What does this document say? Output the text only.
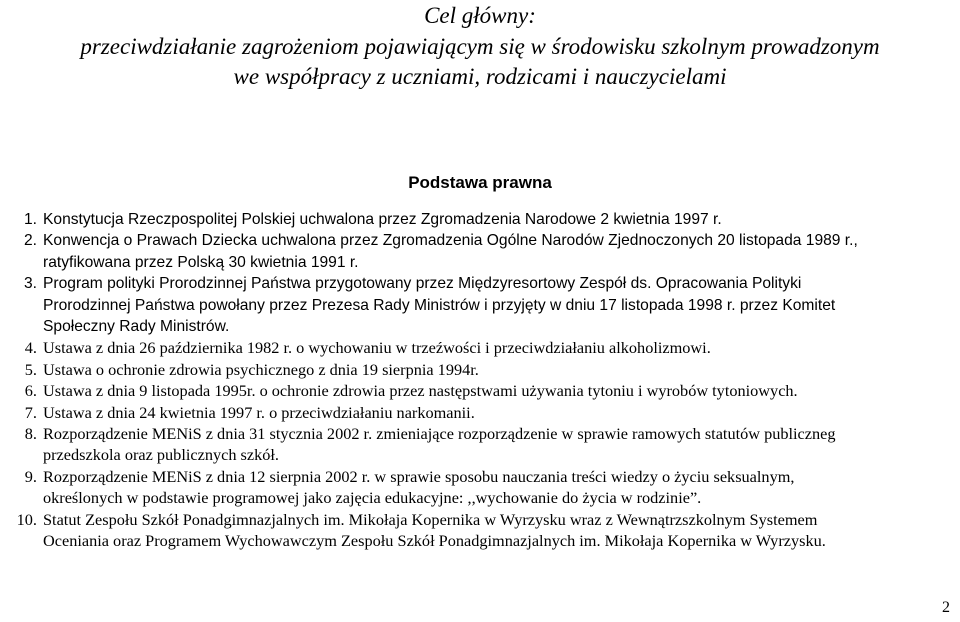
Cel główny:
przeciwdziałanie zagrożeniom pojawiającym się w środowisku szkolnym prowadzonym
we współpracy z uczniami, rodzicami i nauczycielami
Podstawa prawna
1. Konstytucja Rzeczpospolitej Polskiej uchwalona przez Zgromadzenia Narodowe 2 kwietnia 1997 r.
2. Konwencja o Prawach Dziecka uchwalona przez Zgromadzenia Ogólne Narodów Zjednoczonych 20 listopada 1989 r.,
ratyfikowana przez Polską 30 kwietnia 1991 r.
3. Program polityki Prorodzinnej Państwa przygotowany przez Międzyresortowy Zespół ds. Opracowania Polityki
Prorodzinnej Państwa powołany przez Prezesa Rady Ministrów i przyjęty w dniu 17 listopada 1998 r. przez Komitet
Społeczny Rady Ministrów.
4. Ustawa z dnia 26 października 1982 r. o wychowaniu w trzeźwości i przeciwdziałaniu alkoholizmowi.
5. Ustawa o ochronie zdrowia psychicznego z dnia 19 sierpnia 1994r.
6. Ustawa z dnia 9 listopada 1995r. o ochronie zdrowia przez następstwami używania tytoniu i wyrobów tytoniowych.
7. Ustawa z dnia 24 kwietnia 1997 r. o przeciwdziałaniu narkomanii.
8. Rozporządzenie MENiS z dnia 31 stycznia 2002 r. zmieniające rozporządzenie w sprawie ramowych statutów publiczneg
przedszkola oraz publicznych szkół.
9. Rozporządzenie MENiS z dnia 12 sierpnia 2002 r. w sprawie sposobu nauczania treści wiedzy o życiu seksualnym,
określonych w podstawie programowej jako zajęcia edukacyjne: ,,wychowanie do życia w rodzinie”.
10. Statut Zespołu Szkół Ponadgimnazjalnych im. Mikołaja Kopernika w Wyrzysku wraz z Wewnątrzszkolnym Systemem
Oceniania oraz Programem Wychowawczym Zespołu Szkół Ponadgimnazjalnych im. Mikołaja Kopernika w Wyrzysku.
2
